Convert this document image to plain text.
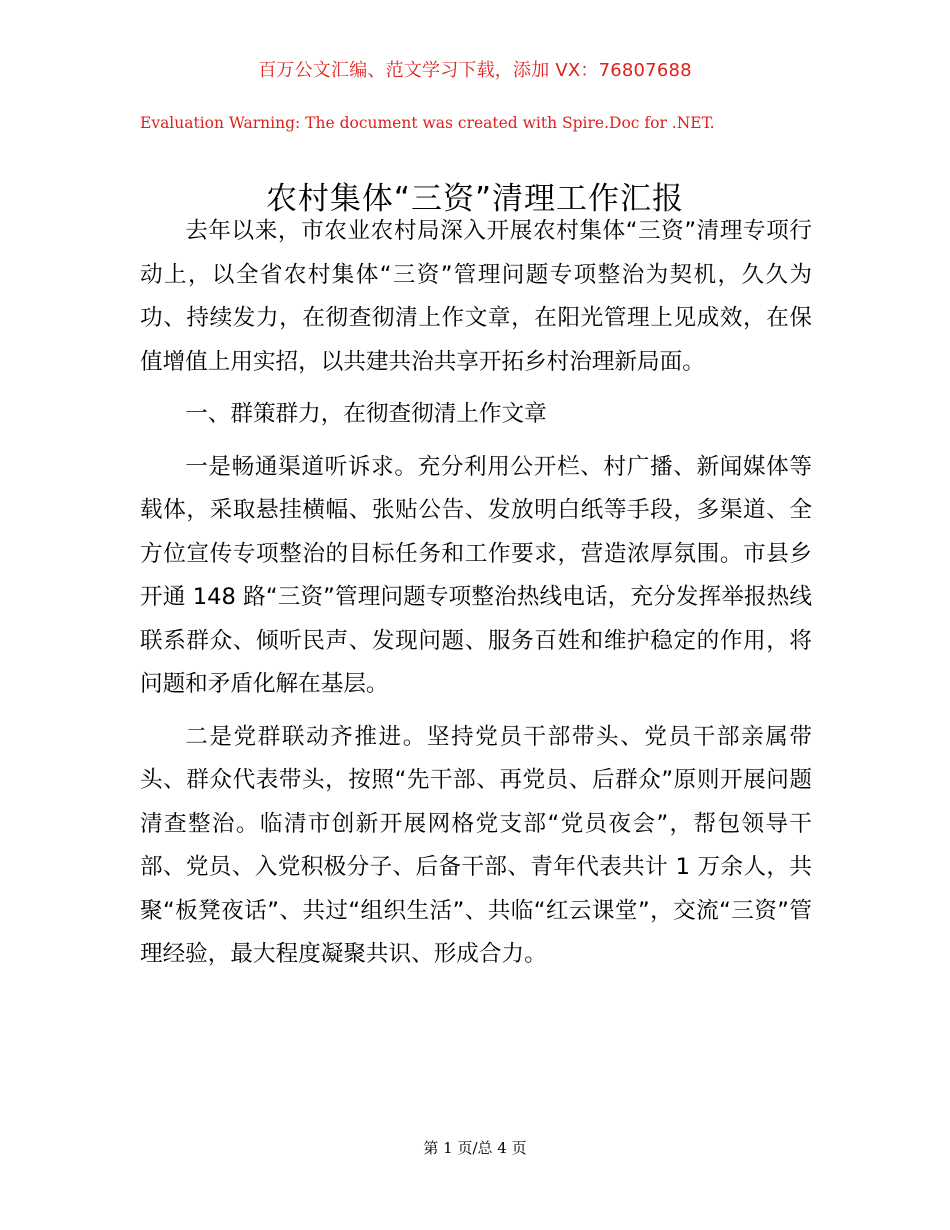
百万公文汇编、范文学习下载，添加 VX：76807688
Evaluation Warning: The document was created with Spire.Doc for .NET.
农村集体“三资”清理工作汇报

去年以来，市农业农村局深入开展农村集体“三资”清理专项行动上，以全省农村集体“三资”管理问题专项整治为契机，久久为功、持续发力，在彻查彻清上作文章，在阳光管理上见成效，在保值增值上用实招，以共建共治共享开拓乡村治理新局面。

一、群策群力，在彻查彻清上作文章

一是畅通渠道听诉求。充分利用公开栏、村广播、新闻媒体等载体，采取悬挂横幅、张贴公告、发放明白纸等手段，多渠道、全方位宣传专项整治的目标任务和工作要求，营造浓厚氛围。市县乡开通 148 路“三资”管理问题专项整治热线电话，充分发挥举报热线联系群众、倾听民声、发现问题、服务百姓和维护稳定的作用，将问题和矛盾化解在基层。

二是党群联动齐推进。坚持党员干部带头、党员干部亲属带头、群众代表带头，按照“先干部、再党员、后群众”原则开展问题清查整治。临清市创新开展网格党支部“党员夜会”，帮包领导干部、党员、入党积极分子、后备干部、青年代表共计 1 万余人，共聚“板凳夜话”、共过“组织生活”、共临“红云课堂”，交流“三资”管理经验，最大程度凝聚共识、形成合力。

第 1 页/总 4 页
